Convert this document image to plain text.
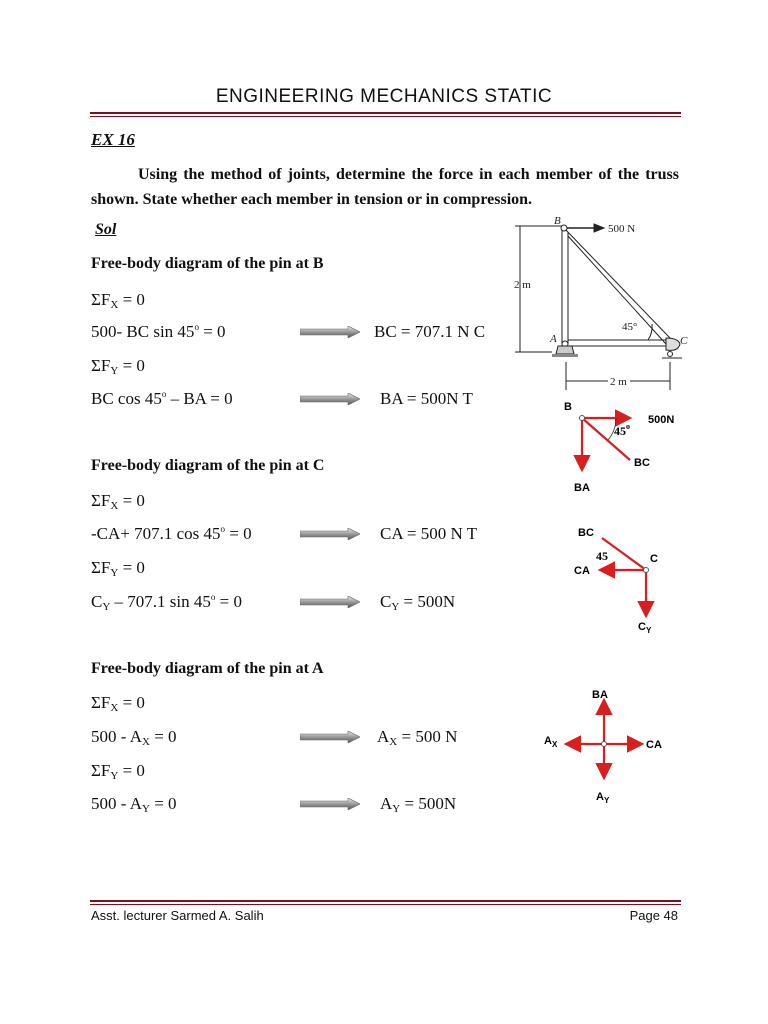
ENGINEERING MECHANICS STATIC
EX 16
Using the method of joints, determine the force in each member of the truss shown. State whether each member in tension or in compression.
Sol
Free-body diagram of the pin at B
$\Sigma F_X = 0$
500- BC $\sin 45^o = 0$	BC = 707.1 N C
$\Sigma F_Y = 0$
BC cos 45$^o$ – BA = 0	BA = 500N T
Free-body diagram of the pin at C
$\Sigma F_X = 0$
-CA+ 707.1 $\cos 45^o = 0$	CA = 500 N T
$\Sigma F_Y = 0$
$C_Y - 707.1$ $\sin 45^o = 0$	$C_Y = 500N$
Free-body diagram of the pin at A
$\Sigma F_X = 0$
$500 - A_X = 0$	$A_X = 500$ N
$\Sigma F_Y = 0$
$500 - A_Y = 0$	$A_Y = 500N$
B
500 N
2 m
45°
A	C
2 m
B
500N
45$^o$
BC
BA
BC
45	C
CA
$C_Y$
BA
$A_X$	CA
$A_Y$
Asst. lecturer Sarmed A. Salih	Page 48
